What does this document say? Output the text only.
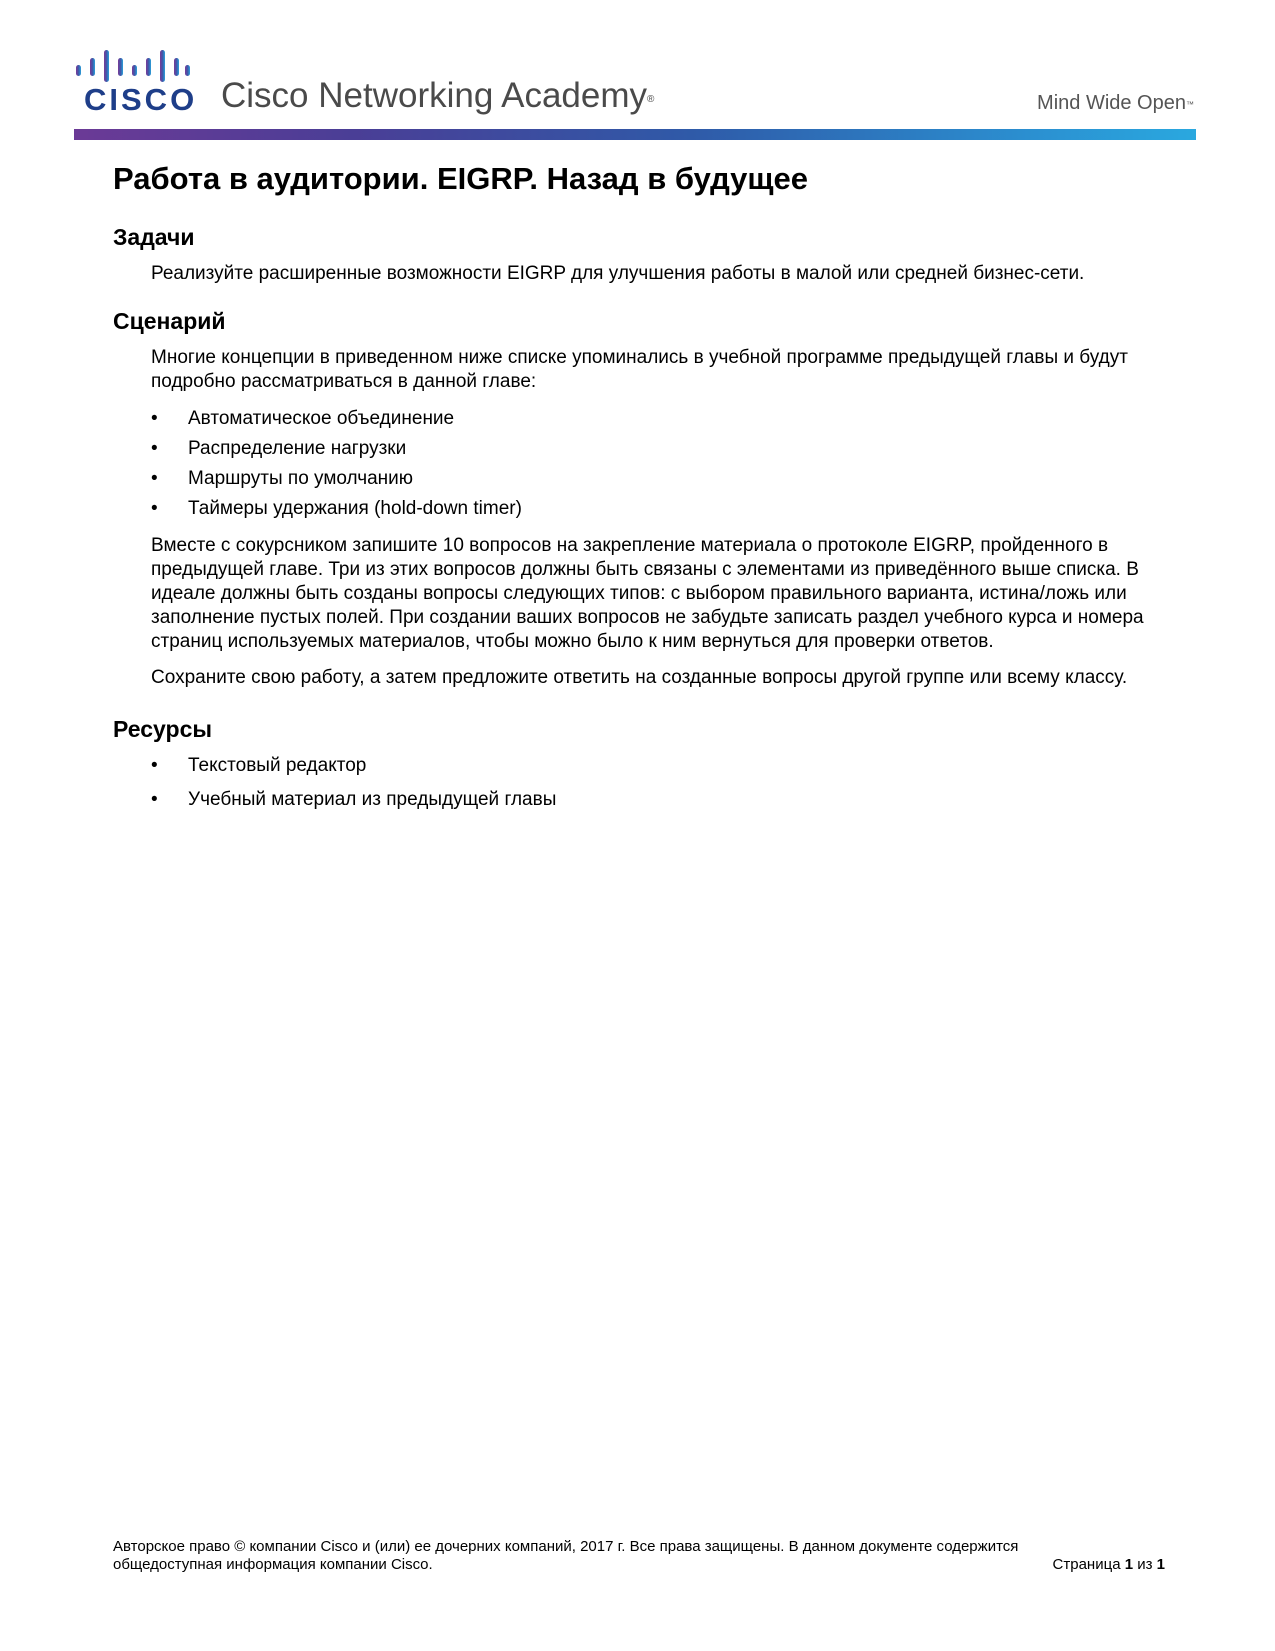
CISCO Cisco Networking Academy®	Mind Wide Open™
Работа в аудитории. EIGRP. Назад в будущее
Задачи

Реализуйте расширенные возможности EIGRP для улучшения работы в малой или средней бизнес-сети.

Сценарий

Многие концепции в приведенном ниже списке упоминались в учебной программе предыдущей главы и будут подробно рассматриваться в данной главе:

• Автоматическое объединение
• Распределение нагрузки
• Маршруты по умолчанию
• Таймеры удержания (hold-down timer)

Вместе с сокурсником запишите 10 вопросов на закрепление материала о протоколе EIGRP, пройденного в предыдущей главе. Три из этих вопросов должны быть связаны с элементами из приведённого выше списка. В идеале должны быть созданы вопросы следующих типов: с выбором правильного варианта, истина/ложь или заполнение пустых полей. При создании ваших вопросов не забудьте записать раздел учебного курса и номера страниц используемых материалов, чтобы можно было к ним вернуться для проверки ответов.

Сохраните свою работу, а затем предложите ответить на созданные вопросы другой группе или всему классу.

Ресурсы
• Текстовый редактор
• Учебный материал из предыдущей главы
Авторское право © компании Cisco и (или) ее дочерних компаний, 2017 г. Все права защищены. В данном документе содержится общедоступная информация компании Cisco.	Страница 1 из 1
